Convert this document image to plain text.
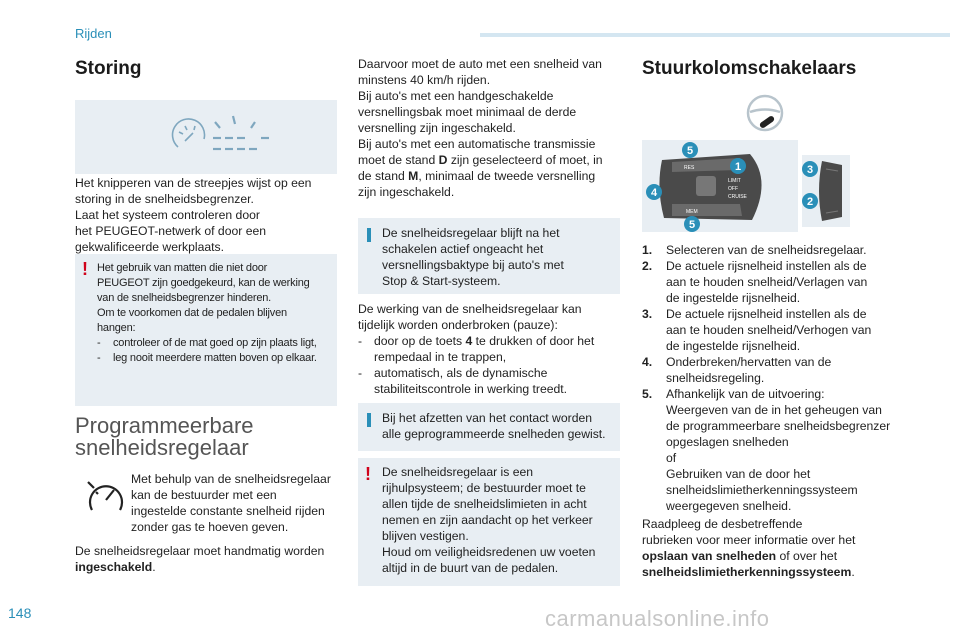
Rijden
Storing
Het knipperen van de streepjes wijst op een
storing in de snelheidsbegrenzer.
Laat het systeem controleren door
het PEUGEOT-netwerk of door een
gekwalificeerde werkplaats.
! Het gebruik van matten die niet door
PEUGEOT zijn goedgekeurd, kan de werking
van de snelheidsbegrenzer hinderen.
Om te voorkomen dat de pedalen blijven
hangen:
- controleer of de mat goed op zijn plaats ligt,
- leg nooit meerdere matten boven op elkaar.
Programmeerbare
snelheidsregelaar
Met behulp van de snelheidsregelaar
kan de bestuurder met een
ingestelde constante snelheid rijden
zonder gas te hoeven geven.
De snelheidsregelaar moet handmatig worden
ingeschakeld.
Daarvoor moet de auto met een snelheid van
minstens 40 km/h rijden.
Bij auto's met een handgeschakelde
versnellingsbak moet minimaal de derde
versnelling zijn ingeschakeld.
Bij auto's met een automatische transmissie
moet de stand D zijn geselecteerd of moet, in
de stand M, minimaal de tweede versnelling
zijn ingeschakeld.
De snelheidsregelaar blijft na het
schakelen actief ongeacht het
versnellingsbaktype bij auto's met
Stop & Start-systeem.
De werking van de snelheidsregelaar kan
tijdelijk worden onderbroken (pauze):
- door op de toets 4 te drukken of door het
rempedaal in te trappen,
- automatisch, als de dynamische
stabiliteitscontrole in werking treedt.
Bij het afzetten van het contact worden
alle geprogrammeerde snelheden gewist.
! De snelheidsregelaar is een
rijhulpsysteem; de bestuurder moet te
allen tijde de snelheidslimieten in acht
nemen en zijn aandacht op het verkeer
blijven vestigen.
Houd om veiligheidsredenen uw voeten
altijd in de buurt van de pedalen.
Stuurkolomschakelaars
RES
LIMIT
OFF
CRUISE
MEM
5
1
4
5
3
2
1. Selecteren van de snelheidsregelaar.
2. De actuele rijsnelheid instellen als de
aan te houden snelheid/Verlagen van
de ingestelde rijsnelheid.
3. De actuele rijsnelheid instellen als de
aan te houden snelheid/Verhogen van
de ingestelde rijsnelheid.
4. Onderbreken/hervatten van de
snelheidsregeling.
5. Afhankelijk van de uitvoering:
Weergeven van de in het geheugen van
de programmeerbare snelheidsbegrenzer
opgeslagen snelheden
of
Gebruiken van de door het
snelheidslimietherkenningssysteem
weergegeven snelheid.
Raadpleeg de desbetreffende
rubrieken voor meer informatie over het
opslaan van snelheden of over het
snelheidslimietherkenningssysteem.
148	carmanualsonline.info
